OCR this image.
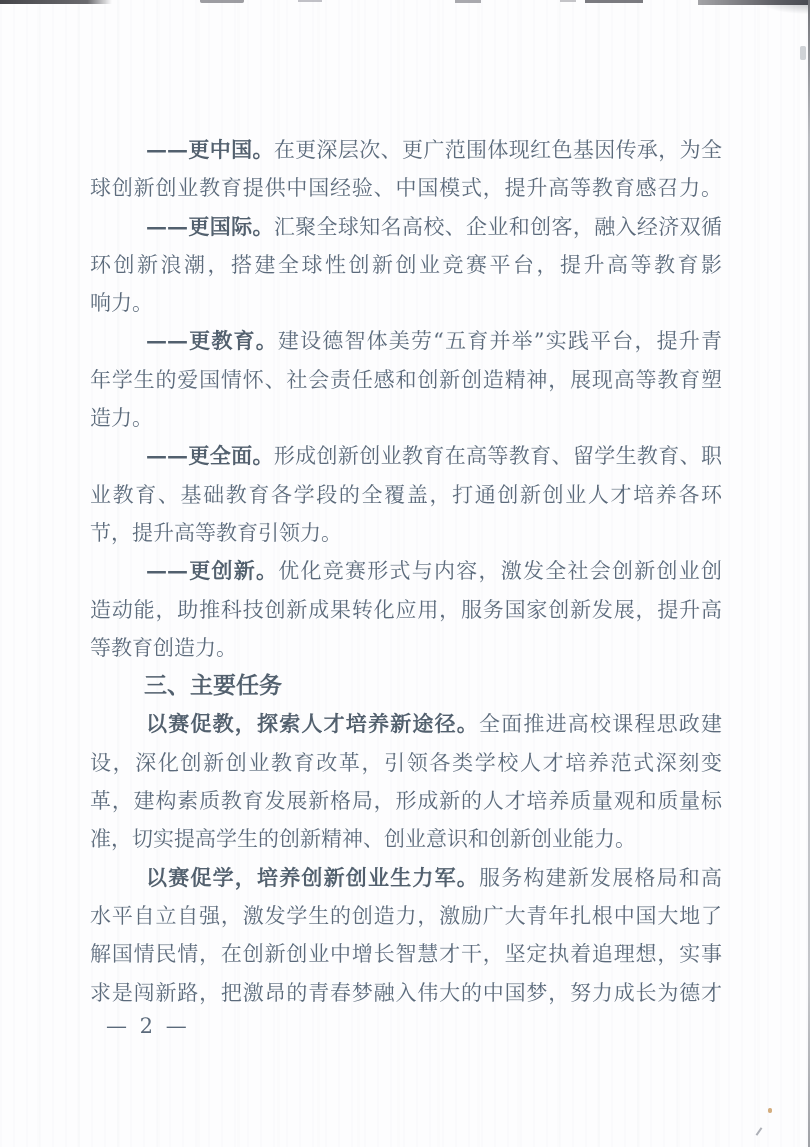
——更中国。在更深层次、更广范围体现红色基因传承，为全
球创新创业教育提供中国经验、中国模式，提升高等教育感召力。
——更国际。汇聚全球知名高校、企业和创客，融入经济双循
环创新浪潮，搭建全球性创新创业竞赛平台，提升高等教育影
响力。
——更教育。建设德智体美劳“五育并举”实践平台，提升青
年学生的爱国情怀、社会责任感和创新创造精神，展现高等教育塑
造力。
——更全面。形成创新创业教育在高等教育、留学生教育、职
业教育、基础教育各学段的全覆盖，打通创新创业人才培养各环
节，提升高等教育引领力。
——更创新。优化竞赛形式与内容，激发全社会创新创业创
造动能，助推科技创新成果转化应用，服务国家创新发展，提升高
等教育创造力。
三、主要任务
以赛促教，探索人才培养新途径。全面推进高校课程思政建
设，深化创新创业教育改革，引领各类学校人才培养范式深刻变
革，建构素质教育发展新格局，形成新的人才培养质量观和质量标
准，切实提高学生的创新精神、创业意识和创新创业能力。
以赛促学，培养创新创业生力军。服务构建新发展格局和高
水平自立自强，激发学生的创造力，激励广大青年扎根中国大地了
解国情民情，在创新创业中增长智慧才干，坚定执着追理想，实事
求是闯新路，把激昂的青春梦融入伟大的中国梦，努力成长为德才
— 2 —
